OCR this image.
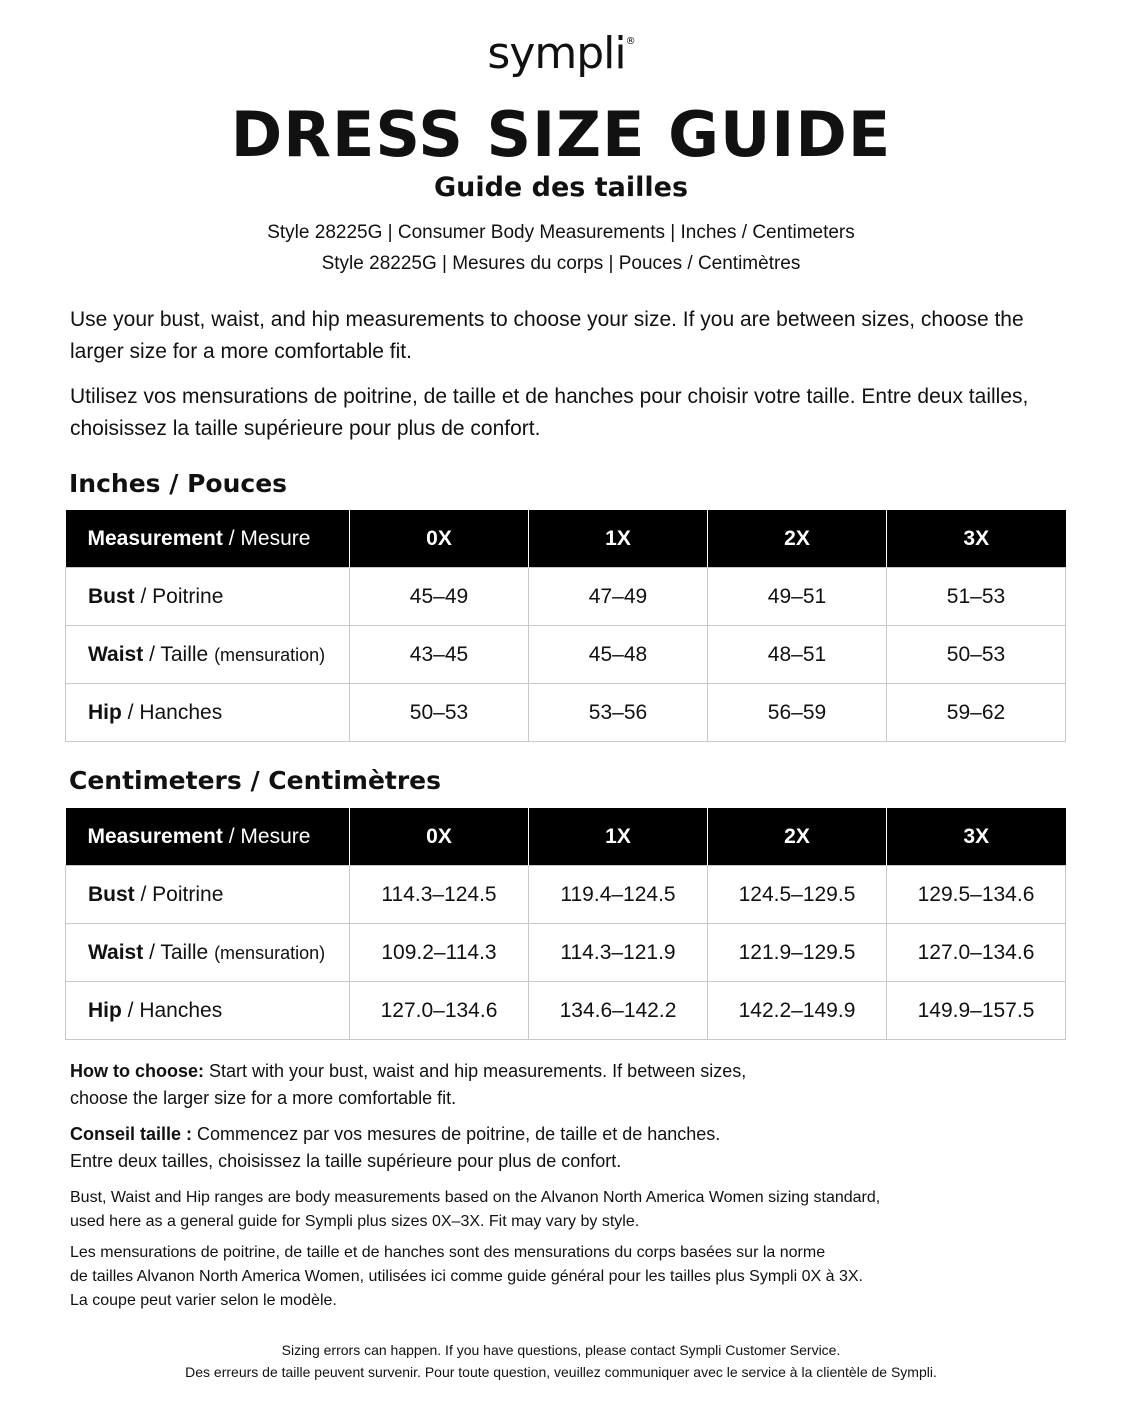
sympli®
DRESS SIZE GUIDE
Guide des tailles
Style 28225G | Consumer Body Measurements | Inches / Centimeters
Style 28225G | Mesures du corps | Pouces / Centimètres
Use your bust, waist, and hip measurements to choose your size. If you are between sizes, choose the larger size for a more comfortable fit.
Utilisez vos mensurations de poitrine, de taille et de hanches pour choisir votre taille. Entre deux tailles, choisissez la taille supérieure pour plus de confort.
Inches / Pouces
Measurement / Mesure	0X	1X	2X	3X
Bust / Poitrine	45–49	47–49	49–51	51–53
Waist / Taille (mensuration)	43–45	45–48	48–51	50–53
Hip / Hanches	50–53	53–56	56–59	59–62
Centimeters / Centimètres
Measurement / Mesure	0X	1X	2X	3X
Bust / Poitrine	114.3–124.5	119.4–124.5	124.5–129.5	129.5–134.6
Waist / Taille (mensuration)	109.2–114.3	114.3–121.9	121.9–129.5	127.0–134.6
Hip / Hanches	127.0–134.6	134.6–142.2	142.2–149.9	149.9–157.5
How to choose: Start with your bust, waist and hip measurements. If between sizes,
choose the larger size for a more comfortable fit.
Conseil taille : Commencez par vos mesures de poitrine, de taille et de hanches.
Entre deux tailles, choisissez la taille supérieure pour plus de confort.
Bust, Waist and Hip ranges are body measurements based on the Alvanon North America Women sizing standard,
used here as a general guide for Sympli plus sizes 0X–3X. Fit may vary by style.
Les mensurations de poitrine, de taille et de hanches sont des mensurations du corps basées sur la norme
de tailles Alvanon North America Women, utilisées ici comme guide général pour les tailles plus Sympli 0X à 3X.
La coupe peut varier selon le modèle.
Sizing errors can happen. If you have questions, please contact Sympli Customer Service.
Des erreurs de taille peuvent survenir. Pour toute question, veuillez communiquer avec le service à la clientèle de Sympli.
